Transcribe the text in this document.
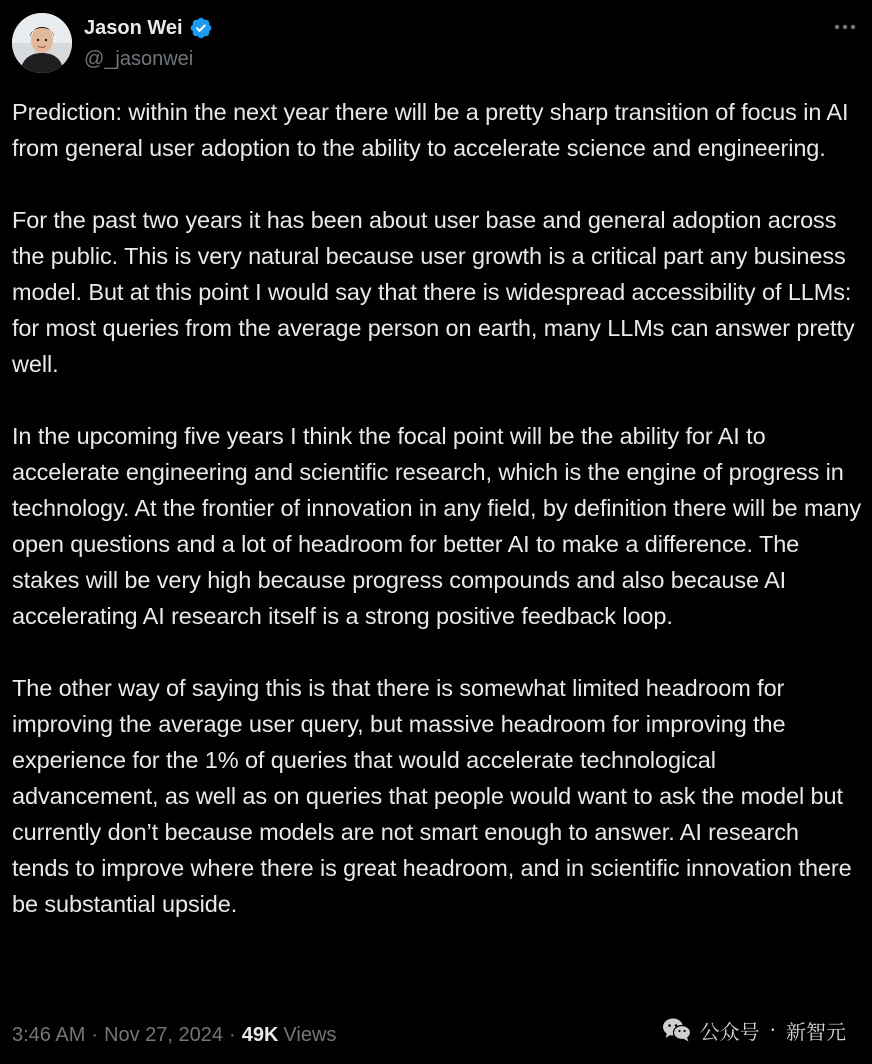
Jason Wei
@_jasonwei

Prediction: within the next year there will be a pretty sharp transition of focus in AI from general user adoption to the ability to accelerate science and engineering.

For the past two years it has been about user base and general adoption across the public. This is very natural because user growth is a critical part any business model. But at this point I would say that there is widespread accessibility of LLMs: for most queries from the average person on earth, many LLMs can answer pretty well.

In the upcoming five years I think the focal point will be the ability for AI to accelerate engineering and scientific research, which is the engine of progress in technology. At the frontier of innovation in any field, by definition there will be many open questions and a lot of headroom for better AI to make a difference. The stakes will be very high because progress compounds and also because AI accelerating AI research itself is a strong positive feedback loop.

The other way of saying this is that there is somewhat limited headroom for improving the average user query, but massive headroom for improving the experience for the 1% of queries that would accelerate technological advancement, as well as on queries that people would want to ask the model but currently don’t because models are not smart enough to answer. AI research tends to improve where there is great headroom, and in scientific innovation there be substantial upside.

3:46 AM · Nov 27, 2024 · 49K Views	公众号 · 新智元
